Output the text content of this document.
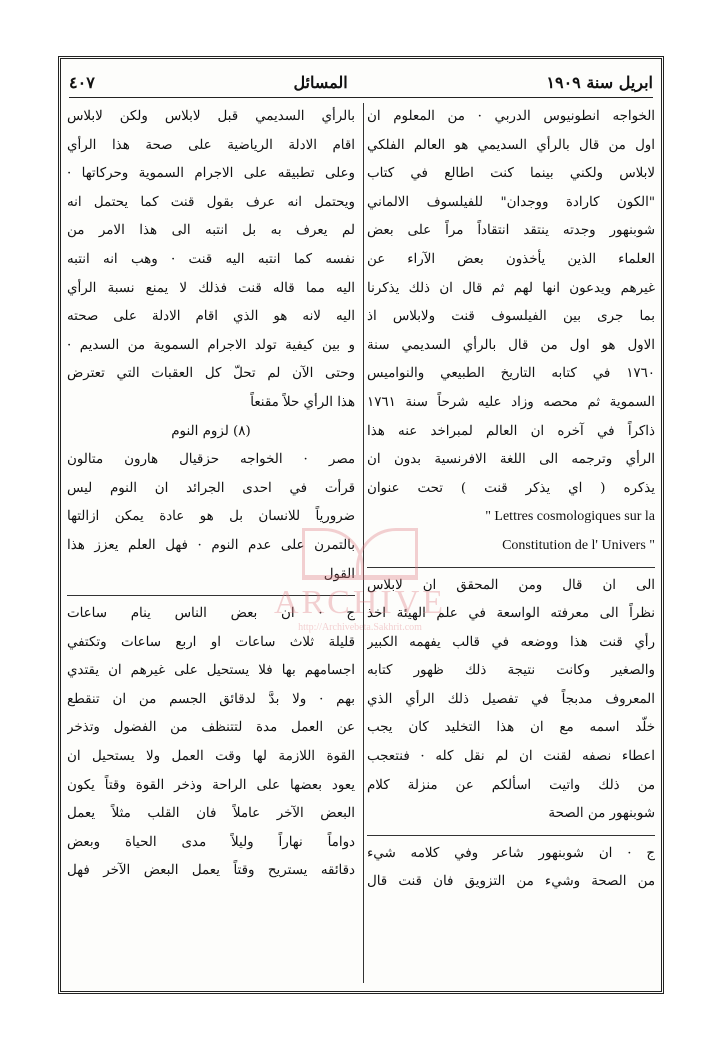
ابريل سنة ١٩٠٩
المسائل
٤٠٧
الخواجه انطونيوس الدربي · من المعلوم ان
اول من قال بالرأي السديمي هو العالم الفلكي
لابلاس ولكني بينما كنت اطالع في كتاب
"الكون كارادة ووجدان" للفيلسوف الالماني
شوبنهور وجدته ينتقد انتقاداً مراً على بعض
العلماء الذين يأخذون بعض الآراء عن
غيرهم ويدعون انها لهم ثم قال ان ذلك يذكرنا
بما جرى بين الفيلسوف قنت ولابلاس اذ
الاول هو اول من قال بالرأي السديمي سنة
١٧٦٠ في كتابه التاريخ الطبيعي والنواميس
السموية ثم محصه وزاد عليه شرحاً سنة ١٧٦١
ذاكراً في آخره ان العالم لمبراخد عنه هذا
الرأي وترجمه الى اللغة الافرنسية بدون ان
يذكره ( اي يذكر قنت ) تحت عنوان
" Lettres cosmologiques sur la
Constitution de l' Univers "
الى ان قال ومن المحقق ان لابلاس
نظراً الى معرفته الواسعة في علم الهيئة اخذ
رأي قنت هذا ووضعه في قالب يفهمه الكبير
والصغير وكانت نتيجة ذلك ظهور كتابه
المعروف مدبجاً في تفصيل ذلك الرأي الذي
خلّد اسمه مع ان هذا التخليد كان يجب
اعطاء نصفه لقنت ان لم نقل كله · فنتعجب
من ذلك واتيت اسألكم عن منزلة كلام
شوبنهور من الصحة
ج · ان شوبنهور شاعر وفي كلامه شيء
من الصحة وشيء من التزويق فان قنت قال
بالرأي السديمي قبل لابلاس ولكن لابلاس
اقام الادلة الرياضية على صحة هذا الرأي
وعلى تطبيقه على الاجرام السموية وحركاتها ·
ويحتمل انه عرف بقول قنت كما يحتمل انه
لم يعرف به بل انتبه الى هذا الامر من
نفسه كما انتبه اليه قنت · وهب انه انتبه
اليه مما قاله قنت فذلك لا يمنع نسبة الرأي
اليه لانه هو الذي اقام الادلة على صحته
و بين كيفية تولد الاجرام السموية من السديم ·
وحتى الآن لم تحلّ كل العقبات التي تعترض
هذا الرأي حلاً مقنعاً
(٨) لزوم النوم
مصر · الخواجه حزقيال هارون متالون
قرأت في احدى الجرائد ان النوم ليس
ضرورياً للانسان بل هو عادة يمكن ازالتها
بالتمرن على عدم النوم · فهل العلم يعزز هذا
القول
ج · ان بعض الناس ينام ساعات
قليلة ثلاث ساعات او اربع ساعات وتكتفي
اجسامهم بها فلا يستحيل على غيرهم ان يقتدي
بهم · ولا بدَّ لدقائق الجسم من ان تنقطع
عن العمل مدة لتتنظف من الفضول وتذخر
القوة اللازمة لها وقت العمل ولا يستحيل ان
يعود بعضها على الراحة وذخر القوة وقتاً يكون
البعض الآخر عاملاً فان القلب مثلاً يعمل
دواماً نهاراً وليلاً مدى الحياة وبعض
دقائقه يستريح وقتاً يعمل البعض الآخر فهل
ARCHIVE
http://Archivebeta.Sakhrit.com
